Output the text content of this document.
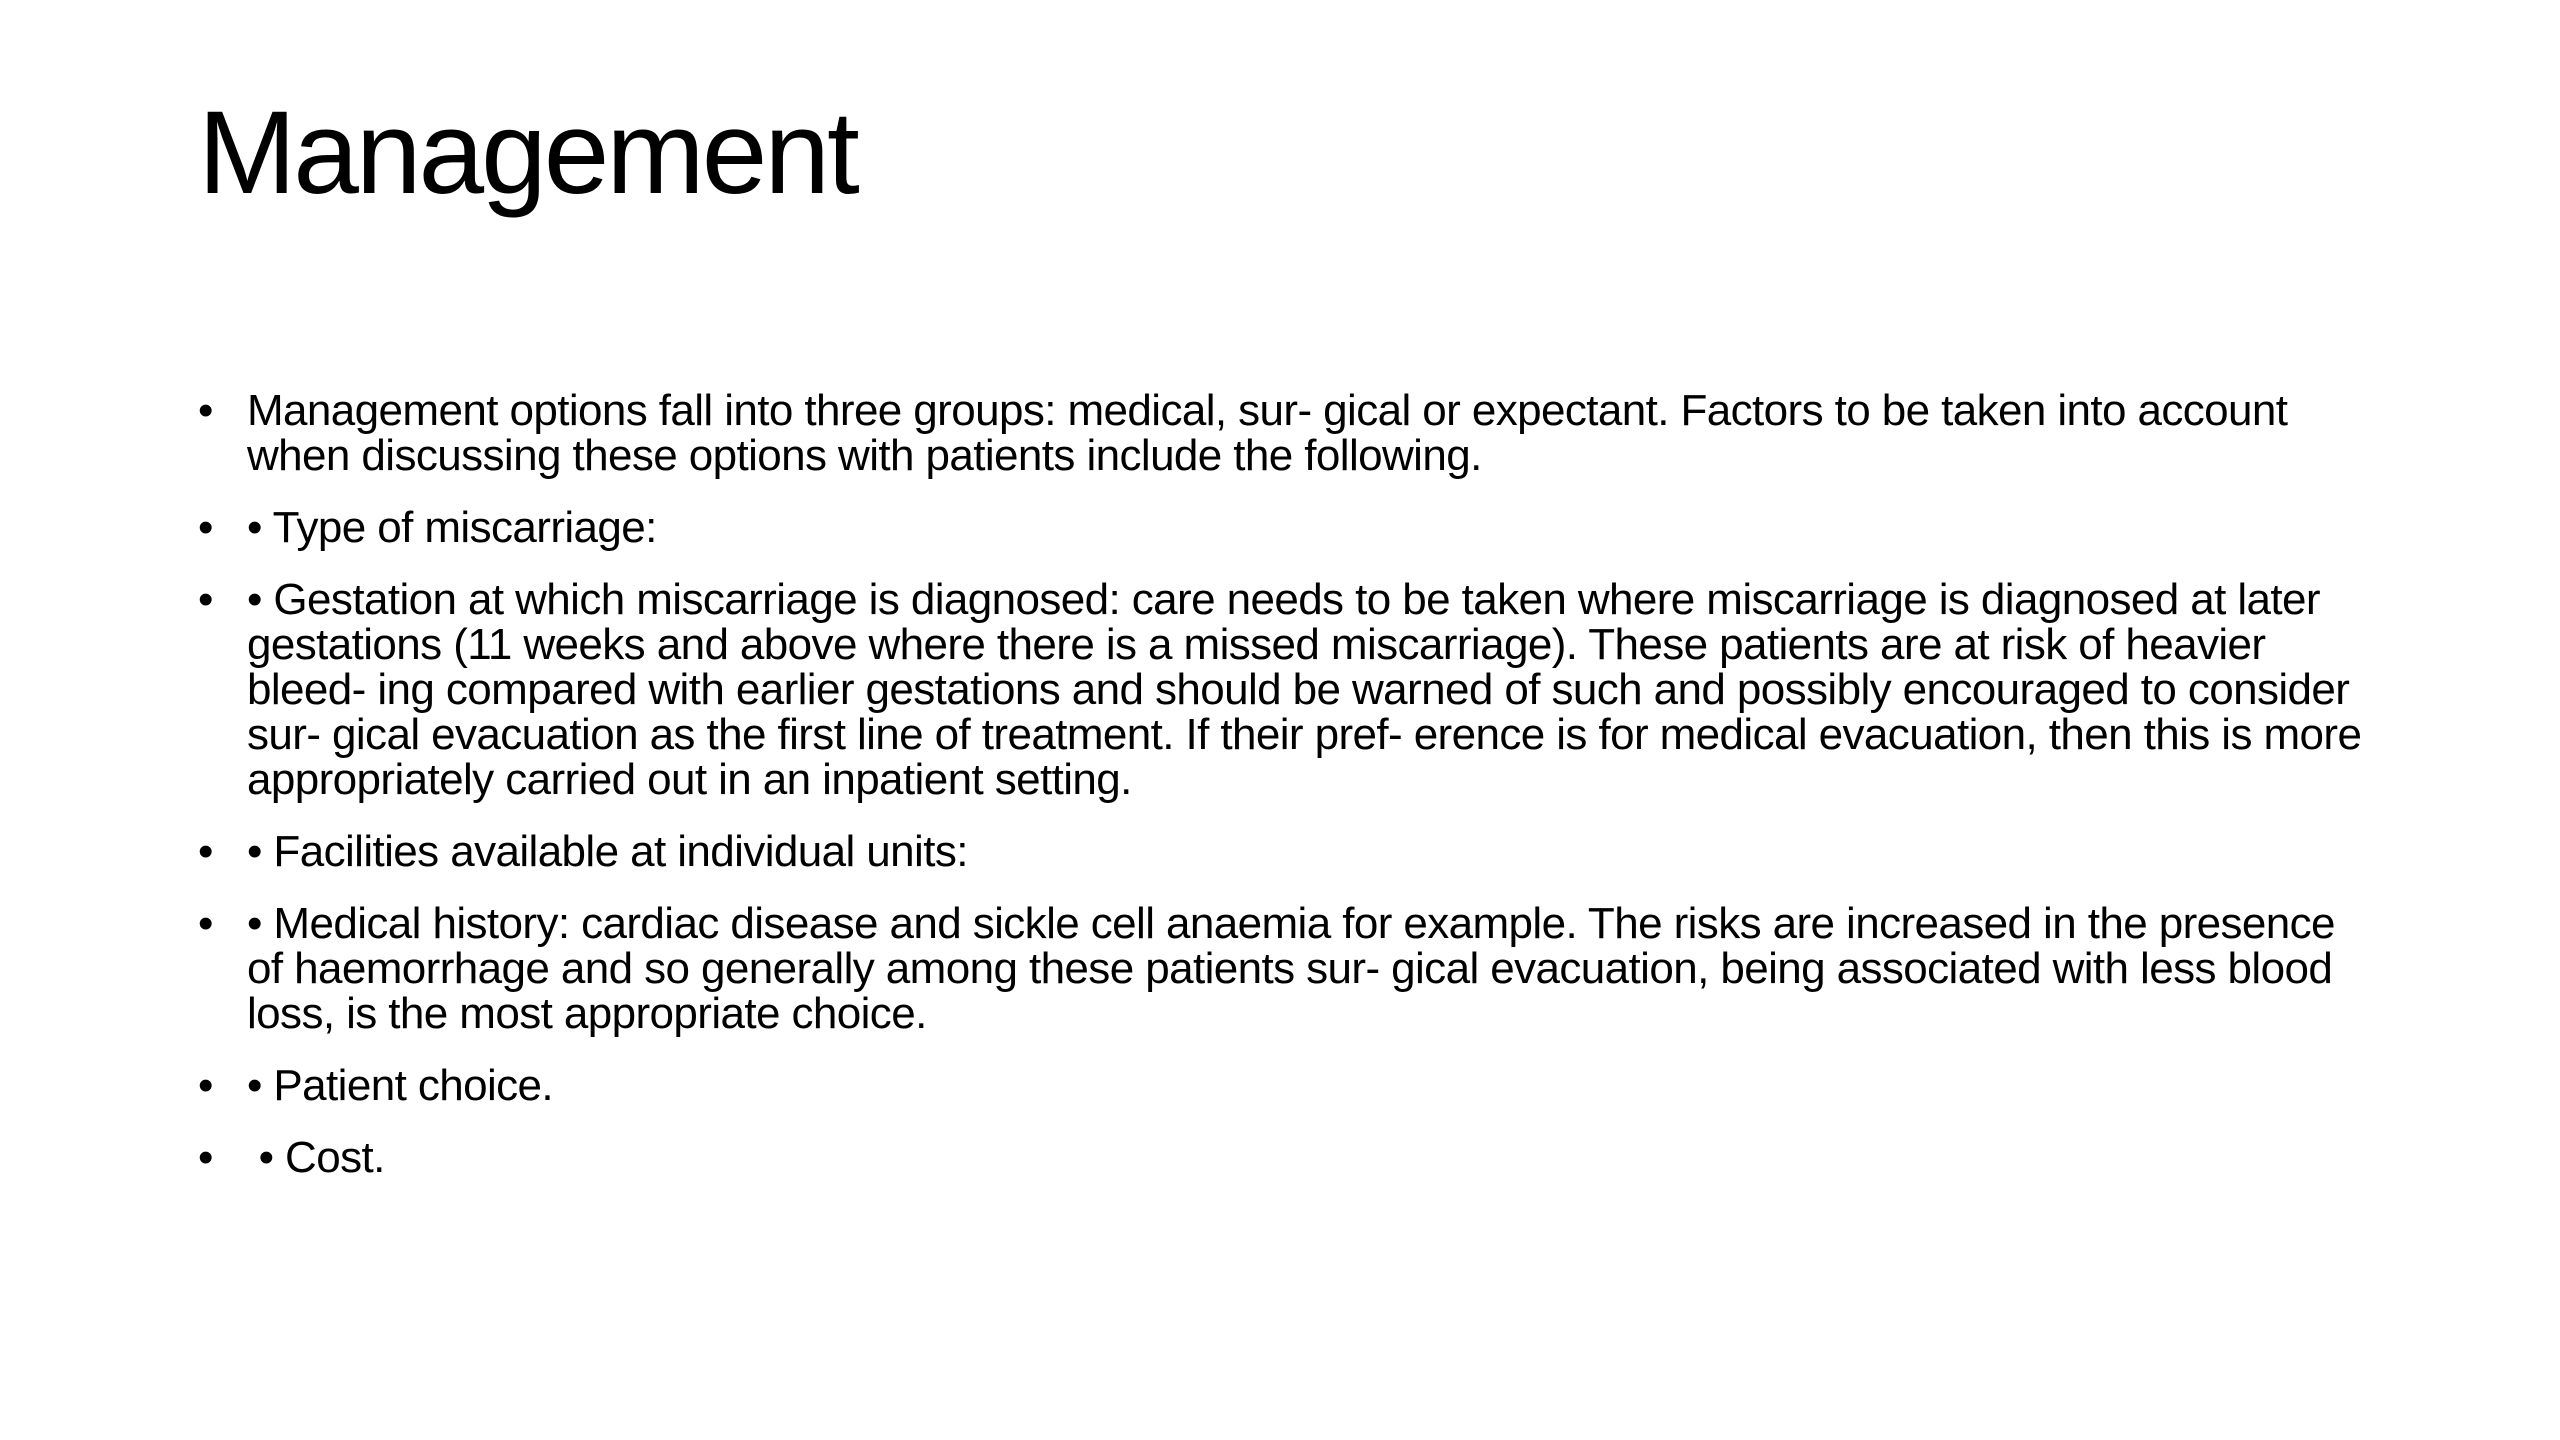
Management
• Management options fall into three groups: medical, sur- gical or expectant. Factors to be taken into account when discussing these options with patients include the following.
• • Type of miscarriage:
• • Gestation at which miscarriage is diagnosed: care needs to be taken where miscarriage is diagnosed at later gestations (11 weeks and above where there is a missed miscarriage). These patients are at risk of heavier bleed- ing compared with earlier gestations and should be warned of such and possibly encouraged to consider sur- gical evacuation as the first line of treatment. If their pref- erence is for medical evacuation, then this is more appropriately carried out in an inpatient setting.
• • Facilities available at individual units:
• • Medical history: cardiac disease and sickle cell anaemia for example. The risks are increased in the presence of haemorrhage and so generally among these patients sur- gical evacuation, being associated with less blood loss, is the most appropriate choice.
• • Patient choice.
• • Cost.
